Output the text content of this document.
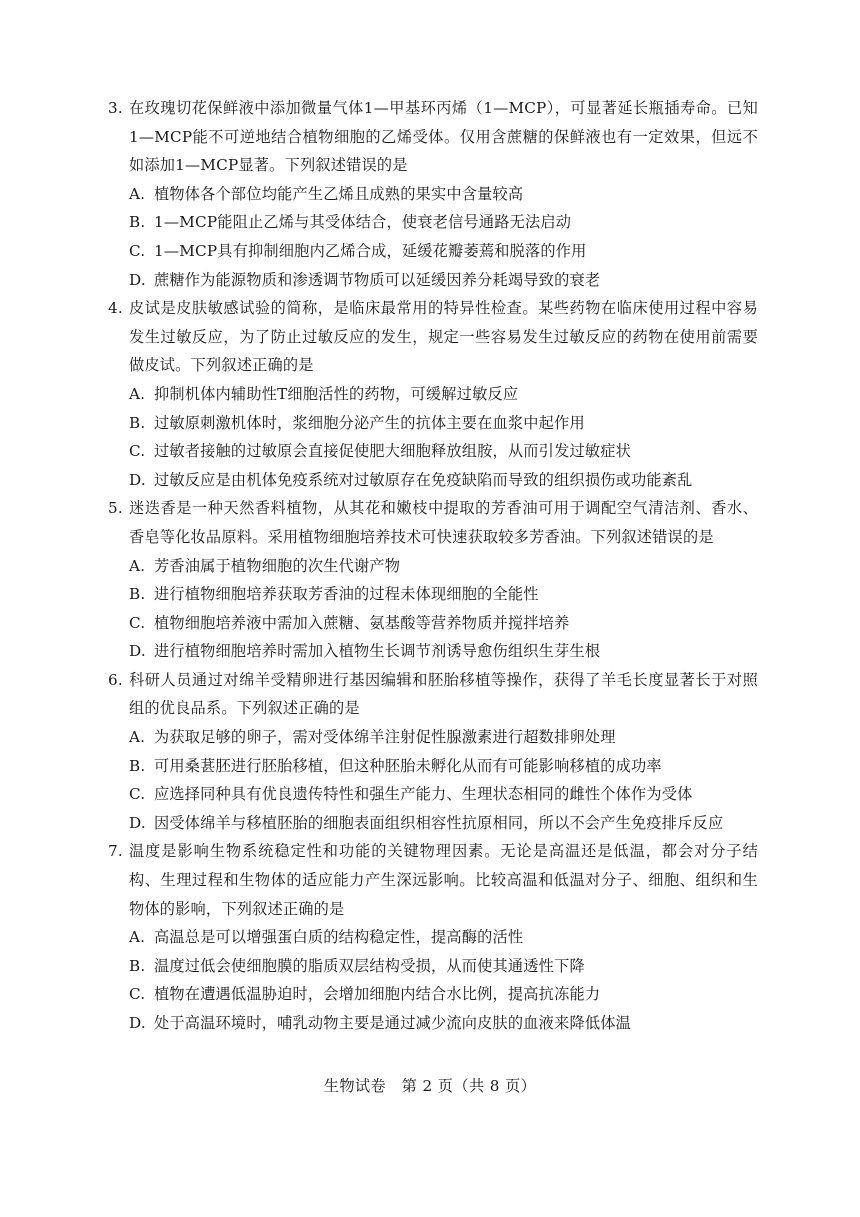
3. 在玫瑰切花保鲜液中添加微量气体1—甲基环丙烯（1—MCP），可显著延长瓶插寿命。已知1—MCP能不可逆地结合植物细胞的乙烯受体。仅用含蔗糖的保鲜液也有一定效果，但远不如添加1—MCP显著。下列叙述错误的是
A. 植物体各个部位均能产生乙烯且成熟的果实中含量较高
B. 1—MCP能阻止乙烯与其受体结合，使衰老信号通路无法启动
C. 1—MCP具有抑制细胞内乙烯合成，延缓花瓣萎蔫和脱落的作用
D. 蔗糖作为能源物质和渗透调节物质可以延缓因养分耗竭导致的衰老
4. 皮试是皮肤敏感试验的简称，是临床最常用的特异性检查。某些药物在临床使用过程中容易发生过敏反应，为了防止过敏反应的发生，规定一些容易发生过敏反应的药物在使用前需要做皮试。下列叙述正确的是
A. 抑制机体内辅助性T细胞活性的药物，可缓解过敏反应
B. 过敏原刺激机体时，浆细胞分泌产生的抗体主要在血浆中起作用
C. 过敏者接触的过敏原会直接促使肥大细胞释放组胺，从而引发过敏症状
D. 过敏反应是由机体免疫系统对过敏原存在免疫缺陷而导致的组织损伤或功能紊乱
5. 迷迭香是一种天然香料植物，从其花和嫩枝中提取的芳香油可用于调配空气清洁剂、香水、香皂等化妆品原料。采用植物细胞培养技术可快速获取较多芳香油。下列叙述错误的是
A. 芳香油属于植物细胞的次生代谢产物
B. 进行植物细胞培养获取芳香油的过程未体现细胞的全能性
C. 植物细胞培养液中需加入蔗糖、氨基酸等营养物质并搅拌培养
D. 进行植物细胞培养时需加入植物生长调节剂诱导愈伤组织生芽生根
6. 科研人员通过对绵羊受精卵进行基因编辑和胚胎移植等操作，获得了羊毛长度显著长于对照组的优良品系。下列叙述正确的是
A. 为获取足够的卵子，需对受体绵羊注射促性腺激素进行超数排卵处理
B. 可用桑葚胚进行胚胎移植，但这种胚胎未孵化从而有可能影响移植的成功率
C. 应选择同种具有优良遗传特性和强生产能力、生理状态相同的雌性个体作为受体
D. 因受体绵羊与移植胚胎的细胞表面组织相容性抗原相同，所以不会产生免疫排斥反应
7. 温度是影响生物系统稳定性和功能的关键物理因素。无论是高温还是低温，都会对分子结构、生理过程和生物体的适应能力产生深远影响。比较高温和低温对分子、细胞、组织和生物体的影响，下列叙述正确的是
A. 高温总是可以增强蛋白质的结构稳定性，提高酶的活性
B. 温度过低会使细胞膜的脂质双层结构受损，从而使其通透性下降
C. 植物在遭遇低温胁迫时，会增加细胞内结合水比例，提高抗冻能力
D. 处于高温环境时，哺乳动物主要是通过减少流向皮肤的血液来降低体温
生物试卷　第 2 页（共 8 页）
